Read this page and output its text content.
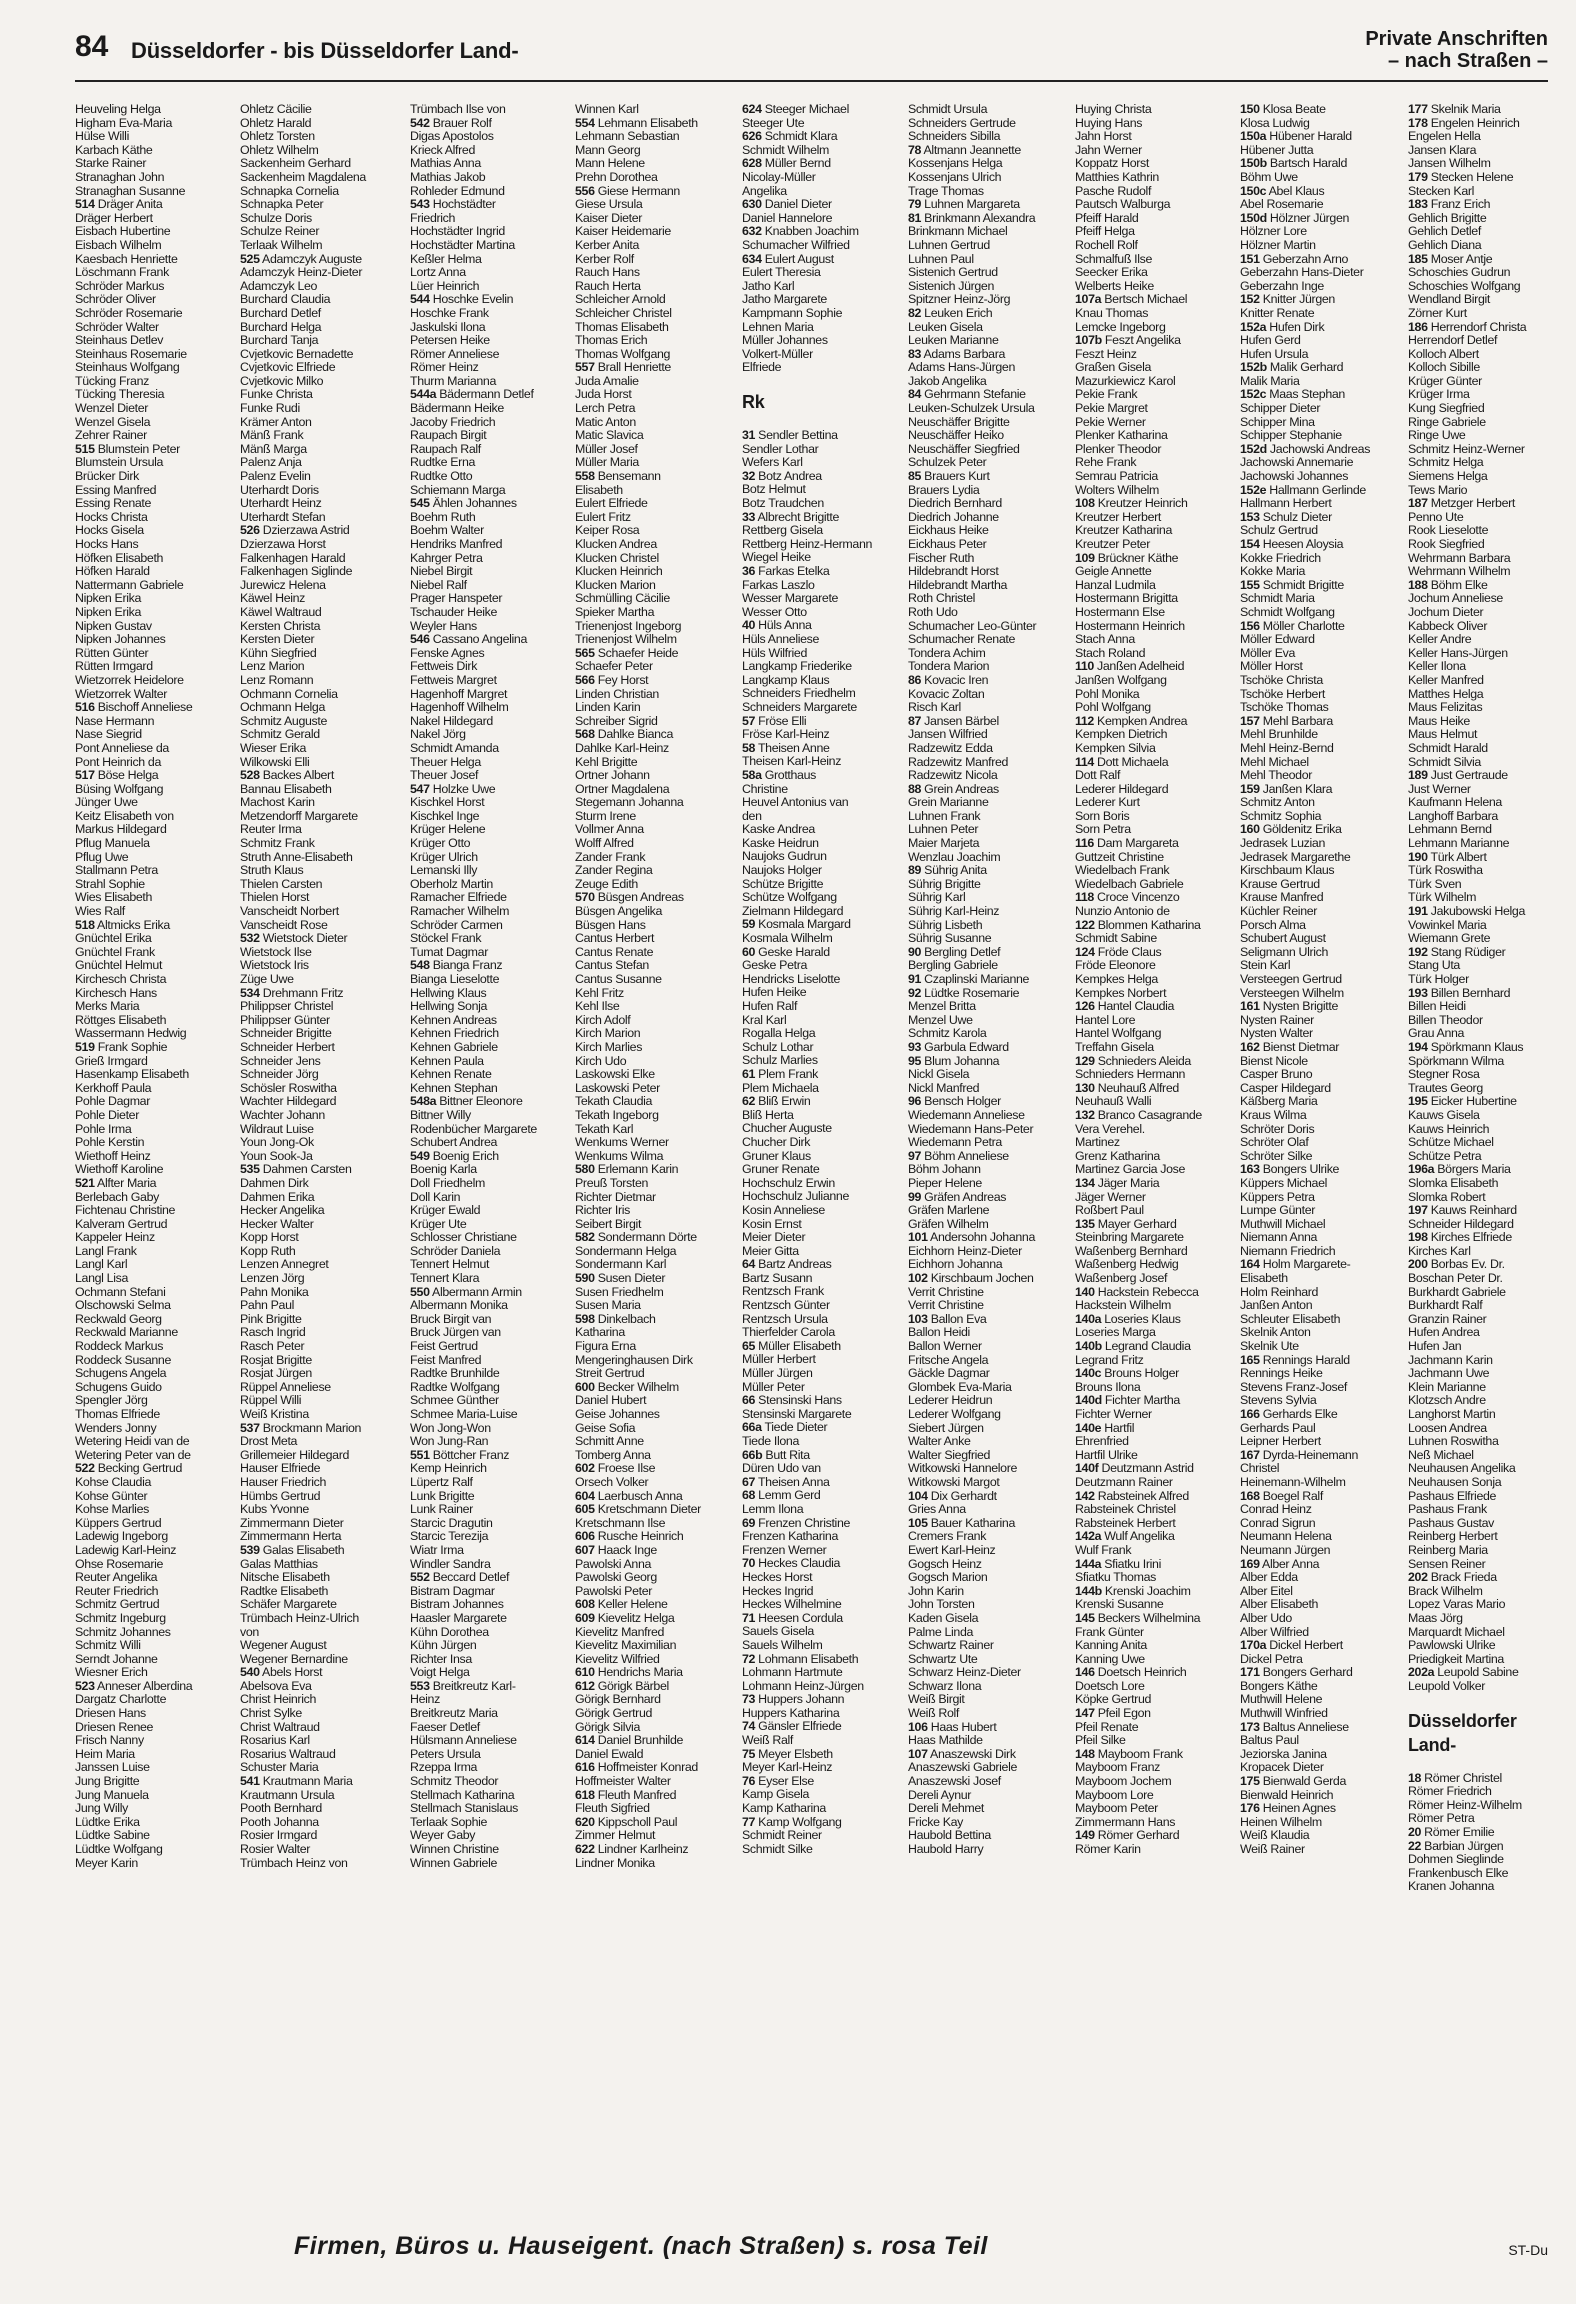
84 Düsseldorfer - bis Düsseldorfer Land-	Private Anschriften
– nach Straßen –
Heuveling Helga
Higham Eva-Maria
Hülse Willi
Karbach Käthe
Starke Rainer
Stranaghan John
Stranaghan Susanne
514 Dräger Anita
Dräger Herbert
Eisbach Hubertine
Eisbach Wilhelm
Kaesbach Henriette
Löschmann Frank
Schröder Markus
Schröder Oliver
Schröder Rosemarie
Schröder Walter
Steinhaus Detlev
Steinhaus Rosemarie
Steinhaus Wolfgang
Tücking Franz
Tücking Theresia
Wenzel Dieter
Wenzel Gisela
Zehrer Rainer
515 Blumstein Peter
Blumstein Ursula
Brücker Dirk
Essing Manfred
Essing Renate
Hocks Christa
Hocks Gisela
Hocks Hans
Höfken Elisabeth
Höfken Harald
Nattermann Gabriele
Nipken Erika
Nipken Erika
Nipken Gustav
Nipken Johannes
Rütten Günter
Rütten Irmgard
Wietzorrek Heidelore
Wietzorrek Walter
516 Bischoff Anneliese
Nase Hermann
Nase Siegrid
Pont Anneliese da
Pont Heinrich da
517 Böse Helga
Büsing Wolfgang
Jünger Uwe
Keitz Elisabeth von
Markus Hildegard
Pflug Manuela
Pflug Uwe
Stallmann Petra
Strahl Sophie
Wies Elisabeth
Wies Ralf
518 Altmicks Erika
Gnüchtel Erika
Gnüchtel Frank
Gnüchtel Helmut
Kirchesch Christa
Kirchesch Hans
Merks Maria
Röttges Elisabeth
Wassermann Hedwig
519 Frank Sophie
Grieß Irmgard
Hasenkamp Elisabeth
Kerkhoff Paula
Pohle Dagmar
Pohle Dieter
Pohle Irma
Pohle Kerstin
Wiethoff Heinz
Wiethoff Karoline
521 Alfter Maria
Berlebach Gaby
Fichtenau Christine
Kalveram Gertrud
Kappeler Heinz
Langl Frank
Langl Karl
Langl Lisa
Ochmann Stefani
Olschowski Selma
Reckwald Georg
Reckwald Marianne
Roddeck Markus
Roddeck Susanne
Schugens Angela
Schugens Guido
Spengler Jörg
Thomas Elfriede
Wenders Jonny
Wetering Heidi van de
Wetering Peter van de
522 Becking Gertrud
Kohse Claudia
Kohse Günter
Kohse Marlies
Küppers Gertrud
Ladewig Ingeborg
Ladewig Karl-Heinz
Ohse Rosemarie
Reuter Angelika
Reuter Friedrich
Schmitz Gertrud
Schmitz Ingeburg
Schmitz Johannes
Schmitz Willi
Serndt Johanne
Wiesner Erich
523 Anneser Alberdina
Dargatz Charlotte
Driesen Hans
Driesen Renee
Frisch Nanny
Heim Maria
Janssen Luise
Jung Brigitte
Jung Manuela
Jung Willy
Lüdtke Erika
Lüdtke Sabine
Lüdtke Wolfgang
Meyer Karin
Ohletz Cäcilie
Ohletz Harald
Ohletz Torsten
Ohletz Wilhelm
Sackenheim Gerhard
Sackenheim Magdalena
Schnapka Cornelia
Schnapka Peter
Schulze Doris
Schulze Reiner
Terlaak Wilhelm
525 Adamczyk Auguste
Adamczyk Heinz-Dieter
Adamczyk Leo
Burchard Claudia
Burchard Detlef
Burchard Helga
Burchard Tanja
Cvjetkovic Bernadette
Cvjetkovic Elfriede
Cvjetkovic Milko
Funke Christa
Funke Rudi
Krämer Anton
Mänß Frank
Mänß Marga
Palenz Anja
Palenz Evelin
Uterhardt Doris
Uterhardt Heinz
Uterhardt Stefan
526 Dzierzawa Astrid
Dzierzawa Horst
Falkenhagen Harald
Falkenhagen Siglinde
Jurewicz Helena
Käwel Heinz
Käwel Waltraud
Kersten Christa
Kersten Dieter
Kühn Siegfried
Lenz Marion
Lenz Romann
Ochmann Cornelia
Ochmann Helga
Schmitz Auguste
Schmitz Gerald
Wieser Erika
Wilkowski Elli
528 Backes Albert
Bannau Elisabeth
Machost Karin
Metzendorff Margarete
Reuter Irma
Schmitz Frank
Struth Anne-Elisabeth
Struth Klaus
Thielen Carsten
Thielen Horst
Vanscheidt Norbert
Vanscheidt Rose
532 Wietstock Dieter
Wietstock Ilse
Wietstock Iris
Züge Uwe
534 Drehmann Fritz
Philippser Christel
Philippser Günter
Schneider Brigitte
Schneider Herbert
Schneider Jens
Schneider Jörg
Schösler Roswitha
Wachter Hildegard
Wachter Johann
Wildraut Luise
Youn Jong-Ok
Youn Sook-Ja
535 Dahmen Carsten
Dahmen Dirk
Dahmen Erika
Hecker Angelika
Hecker Walter
Kopp Horst
Kopp Ruth
Lenzen Annegret
Lenzen Jörg
Pahn Monika
Pahn Paul
Pink Brigitte
Rasch Ingrid
Rasch Peter
Rosjat Brigitte
Rosjat Jürgen
Rüppel Anneliese
Rüppel Willi
Weiß Kristina
537 Brockmann Marion
Drost Meta
Grillemeier Hildegard
Hauser Elfriede
Hauser Friedrich
Hümbs Gertrud
Kubs Yvonne
Zimmermann Dieter
Zimmermann Herta
539 Galas Elisabeth
Galas Matthias
Nitsche Elisabeth
Radtke Elisabeth
Schäfer Margarete
Trümbach Heinz-Ulrich
von
Wegener August
Wegener Bernardine
540 Abels Horst
Abelsova Eva
Christ Heinrich
Christ Sylke
Christ Waltraud
Rosarius Karl
Rosarius Waltraud
Schuster Maria
541 Krautmann Maria
Krautmann Ursula
Pooth Bernhard
Pooth Johanna
Rosier Irmgard
Rosier Walter
Trümbach Heinz von
Trümbach Ilse von
542 Brauer Rolf
Digas Apostolos
Krieck Alfred
Mathias Anna
Mathias Jakob
Rohleder Edmund
543 Hochstädter
Friedrich
Hochstädter Ingrid
Hochstädter Martina
Keßler Helma
Lortz Anna
Lüer Heinrich
544 Hoschke Evelin
Hoschke Frank
Jaskulski Ilona
Petersen Heike
Römer Anneliese
Römer Heinz
Thurm Marianna
544a Bädermann Detlef
Bädermann Heike
Jacoby Friedrich
Raupach Birgit
Raupach Ralf
Rudtke Erna
Rudtke Otto
Schiemann Marga
545 Ählen Johannes
Boehm Ruth
Boehm Walter
Hendriks Manfred
Kahrger Petra
Niebel Birgit
Niebel Ralf
Prager Hanspeter
Tschauder Heike
Weyler Hans
546 Cassano Angelina
Fenske Agnes
Fettweis Dirk
Fettweis Margret
Hagenhoff Margret
Hagenhoff Wilhelm
Nakel Hildegard
Nakel Jörg
Schmidt Amanda
Theuer Helga
Theuer Josef
547 Holzke Uwe
Kischkel Horst
Kischkel Inge
Krüger Helene
Krüger Otto
Krüger Ulrich
Lemanski Illy
Oberholz Martin
Ramacher Elfriede
Ramacher Wilhelm
Schröder Carmen
Stöckel Frank
Tumat Dagmar
548 Bianga Franz
Bianga Lieselotte
Hellwing Klaus
Hellwing Sonja
Kehnen Andreas
Kehnen Friedrich
Kehnen Gabriele
Kehnen Paula
Kehnen Renate
Kehnen Stephan
548a Bittner Eleonore
Bittner Willy
Rodenbücher Margarete
Schubert Andrea
549 Boenig Erich
Boenig Karla
Doll Friedhelm
Doll Karin
Krüger Ewald
Krüger Ute
Schlosser Christiane
Schröder Daniela
Tennert Helmut
Tennert Klara
550 Albermann Armin
Albermann Monika
Bruck Birgit van
Bruck Jürgen van
Feist Gertrud
Feist Manfred
Radtke Brunhilde
Radtke Wolfgang
Schmee Günther
Schmee Maria-Luise
Won Jong-Won
Won Jung-Ran
551 Böttcher Franz
Kemp Heinrich
Lüpertz Ralf
Lunk Brigitte
Lunk Rainer
Starcic Dragutin
Starcic Terezija
Wiatr Irma
Windler Sandra
552 Beccard Detlef
Bistram Dagmar
Bistram Johannes
Haasler Margarete
Kühn Dorothea
Kühn Jürgen
Richter Insa
Voigt Helga
553 Breitkreutz Karl-
Heinz
Breitkreutz Maria
Faeser Detlef
Hülsmann Anneliese
Peters Ursula
Rzeppa Irma
Schmitz Theodor
Stellmach Katharina
Stellmach Stanislaus
Terlaak Sophie
Weyer Gaby
Winnen Christine
Winnen Gabriele
Winnen Karl
554 Lehmann Elisabeth
Lehmann Sebastian
Mann Georg
Mann Helene
Prehn Dorothea
556 Giese Hermann
Giese Ursula
Kaiser Dieter
Kaiser Heidemarie
Kerber Anita
Kerber Rolf
Rauch Hans
Rauch Herta
Schleicher Arnold
Schleicher Christel
Thomas Elisabeth
Thomas Erich
Thomas Wolfgang
557 Brall Henriette
Juda Amalie
Juda Horst
Lerch Petra
Matic Anton
Matic Slavica
Müller Josef
Müller Maria
558 Bensemann
Elisabeth
Eulert Elfriede
Eulert Fritz
Keiper Rosa
Klucken Andrea
Klucken Christel
Klucken Heinrich
Klucken Marion
Schmülling Cäcilie
Spieker Martha
Trienenjost Ingeborg
Trienenjost Wilhelm
565 Schaefer Heide
Schaefer Peter
566 Fey Horst
Linden Christian
Linden Karin
Schreiber Sigrid
568 Dahlke Bianca
Dahlke Karl-Heinz
Kehl Brigitte
Ortner Johann
Ortner Magdalena
Stegemann Johanna
Sturm Irene
Vollmer Anna
Wolff Alfred
Zander Frank
Zander Regina
Zeuge Edith
570 Büsgen Andreas
Büsgen Angelika
Büsgen Hans
Cantus Herbert
Cantus Renate
Cantus Stefan
Cantus Susanne
Kehl Fritz
Kehl Ilse
Kirch Adolf
Kirch Marion
Kirch Marlies
Kirch Udo
Laskowski Elke
Laskowski Peter
Tekath Claudia
Tekath Ingeborg
Tekath Karl
Wenkums Werner
Wenkums Wilma
580 Erlemann Karin
Preuß Torsten
Richter Dietmar
Richter Iris
Seibert Birgit
582 Sondermann Dörte
Sondermann Helga
Sondermann Karl
590 Susen Dieter
Susen Friedhelm
Susen Maria
598 Dinkelbach
Katharina
Figura Erna
Mengeringhausen Dirk
Streit Gertrud
600 Becker Wilhelm
Daniel Hubert
Geise Johannes
Geise Sofia
Schmitt Anne
Tomberg Anna
602 Froese Ilse
Orsech Volker
604 Laerbusch Anna
605 Kretschmann Dieter
Kretschmann Ilse
606 Rusche Heinrich
607 Haack Inge
Pawolski Anna
Pawolski Georg
Pawolski Peter
608 Keller Helene
609 Kievelitz Helga
Kievelitz Manfred
Kievelitz Maximilian
Kievelitz Wilfried
610 Hendrichs Maria
612 Görigk Bärbel
Görigk Bernhard
Görigk Gertrud
Görigk Silvia
614 Daniel Brunhilde
Daniel Ewald
616 Hoffmeister Konrad
Hoffmeister Walter
618 Fleuth Manfred
Fleuth Sigfried
620 Kippscholl Paul
Zimmer Helmut
622 Lindner Karlheinz
Lindner Monika
624 Steeger Michael
Steeger Ute
626 Schmidt Klara
Schmidt Wilhelm
628 Müller Bernd
Nicolay-Müller
Angelika
630 Daniel Dieter
Daniel Hannelore
632 Knabben Joachim
Schumacher Wilfried
634 Eulert August
Eulert Theresia
Jatho Karl
Jatho Margarete
Kampmann Sophie
Lehnen Maria
Müller Johannes
Volkert-Müller
Elfriede
Rk
31 Sendler Bettina
Sendler Lothar
Wefers Karl
32 Botz Andrea
Botz Helmut
Botz Traudchen
33 Albrecht Brigitte
Rettberg Gisela
Rettberg Heinz-Hermann
Wiegel Heike
36 Farkas Etelka
Farkas Laszlo
Wesser Margarete
Wesser Otto
40 Hüls Anna
Hüls Anneliese
Hüls Wilfried
Langkamp Friederike
Langkamp Klaus
Schneiders Friedhelm
Schneiders Margarete
57 Fröse Elli
Fröse Karl-Heinz
58 Theisen Anne
Theisen Karl-Heinz
58a Grotthaus
Christine
Heuvel Antonius van
den
Kaske Andrea
Kaske Heidrun
Naujoks Gudrun
Naujoks Holger
Schütze Brigitte
Schütze Wolfgang
Zielmann Hildegard
59 Kosmala Margard
Kosmala Wilhelm
60 Geske Harald
Geske Petra
Hendricks Liselotte
Hufen Heike
Hufen Ralf
Kral Karl
Rogalla Helga
Schulz Lothar
Schulz Marlies
61 Plem Frank
Plem Michaela
62 Bliß Erwin
Bliß Herta
Chucher Auguste
Chucher Dirk
Gruner Klaus
Gruner Renate
Hochschulz Erwin
Hochschulz Julianne
Kosin Anneliese
Kosin Ernst
Meier Dieter
Meier Gitta
64 Bartz Andreas
Bartz Susann
Rentzsch Frank
Rentzsch Günter
Rentzsch Ursula
Thierfelder Carola
65 Müller Elisabeth
Müller Herbert
Müller Jürgen
Müller Peter
66 Stensinski Hans
Stensinski Margarete
66a Tiede Dieter
Tiede Ilona
66b Butt Rita
Düren Udo van
67 Theisen Anna
68 Lemm Gerd
Lemm Ilona
69 Frenzen Christine
Frenzen Katharina
Frenzen Werner
70 Heckes Claudia
Heckes Horst
Heckes Ingrid
Heckes Wilhelmine
71 Heesen Cordula
Sauels Gisela
Sauels Wilhelm
72 Lohmann Elisabeth
Lohmann Hartmute
Lohmann Heinz-Jürgen
73 Huppers Johann
Huppers Katharina
74 Gänsler Elfriede
Weiß Ralf
75 Meyer Elsbeth
Meyer Karl-Heinz
76 Eyser Else
Kamp Gisela
Kamp Katharina
77 Kamp Wolfgang
Schmidt Reiner
Schmidt Silke
Schmidt Ursula
Schneiders Gertrude
Schneiders Sibilla
78 Altmann Jeannette
Kossenjans Helga
Kossenjans Ulrich
Trage Thomas
79 Luhnen Margareta
81 Brinkmann Alexandra
Brinkmann Michael
Luhnen Gertrud
Luhnen Paul
Sistenich Gertrud
Sistenich Jürgen
Spitzner Heinz-Jörg
82 Leuken Erich
Leuken Gisela
Leuken Marianne
83 Adams Barbara
Adams Hans-Jürgen
Jakob Angelika
84 Gehrmann Stefanie
Leuken-Schulzek Ursula
Neuschäffer Brigitte
Neuschäffer Heiko
Neuschäffer Siegfried
Schulzek Peter
85 Brauers Kurt
Brauers Lydia
Diedrich Bernhard
Diedrich Johanne
Eickhaus Heike
Eickhaus Peter
Fischer Ruth
Hildebrandt Horst
Hildebrandt Martha
Roth Christel
Roth Udo
Schumacher Leo-Günter
Schumacher Renate
Tondera Achim
Tondera Marion
86 Kovacic Iren
Kovacic Zoltan
Risch Karl
87 Jansen Bärbel
Jansen Wilfried
Radzewitz Edda
Radzewitz Manfred
Radzewitz Nicola
88 Grein Andreas
Grein Marianne
Luhnen Frank
Luhnen Peter
Maier Marjeta
Wenzlau Joachim
89 Sührig Anita
Sührig Brigitte
Sührig Karl
Sührig Karl-Heinz
Sührig Lisbeth
Sührig Susanne
90 Bergling Detlef
Bergling Gabriele
91 Czaplinski Marianne
92 Lüdtke Rosemarie
Menzel Britta
Menzel Uwe
Schmitz Karola
93 Garbula Edward
95 Blum Johanna
Nickl Gisela
Nickl Manfred
96 Bensch Holger
Wiedemann Anneliese
Wiedemann Hans-Peter
Wiedemann Petra
97 Böhm Anneliese
Böhm Johann
Pieper Helene
99 Gräfen Andreas
Gräfen Marlene
Gräfen Wilhelm
101 Andersohn Johanna
Eichhorn Heinz-Dieter
Eichhorn Johanna
102 Kirschbaum Jochen
Verrit Christine
Verrit Christine
103 Ballon Eva
Ballon Heidi
Ballon Werner
Fritsche Angela
Gäckle Dagmar
Glombek Eva-Maria
Lederer Heidrun
Lederer Wolfgang
Siebert Jürgen
Walter Anke
Walter Siegfried
Witkowski Hannelore
Witkowski Margot
104 Dix Gerhardt
Gries Anna
105 Bauer Katharina
Cremers Frank
Ewert Karl-Heinz
Gogsch Heinz
Gogsch Marion
John Karin
John Torsten
Kaden Gisela
Palme Linda
Schwartz Rainer
Schwartz Ute
Schwarz Heinz-Dieter
Schwarz Ilona
Weiß Birgit
Weiß Rolf
106 Haas Hubert
Haas Mathilde
107 Anaszewski Dirk
Anaszewski Gabriele
Anaszewski Josef
Dereli Aynur
Dereli Mehmet
Fricke Kay
Haubold Bettina
Haubold Harry
Huying Christa
Huying Hans
Jahn Horst
Jahn Werner
Koppatz Horst
Matthies Kathrin
Pasche Rudolf
Pautsch Walburga
Pfeiff Harald
Pfeiff Helga
Rochell Rolf
Schmalfuß Ilse
Seecker Erika
Welberts Heike
107a Bertsch Michael
Knau Thomas
Lemcke Ingeborg
107b Feszt Angelika
Feszt Heinz
Graßen Gisela
Mazurkiewicz Karol
Pekie Frank
Pekie Margret
Pekie Werner
Plenker Katharina
Plenker Theodor
Rehe Frank
Semrau Patricia
Wolters Wilhelm
108 Kreutzer Heinrich
Kreutzer Herbert
Kreutzer Katharina
Kreutzer Peter
109 Brückner Käthe
Geigle Annette
Hanzal Ludmila
Hostermann Brigitta
Hostermann Else
Hostermann Heinrich
Stach Anna
Stach Roland
110 Janßen Adelheid
Janßen Wolfgang
Pohl Monika
Pohl Wolfgang
112 Kempken Andrea
Kempken Dietrich
Kempken Silvia
114 Dott Michaela
Dott Ralf
Lederer Hildegard
Lederer Kurt
Sorn Boris
Sorn Petra
116 Dam Margareta
Guttzeit Christine
Wiedelbach Frank
Wiedelbach Gabriele
118 Croce Vincenzo
Nunzio Antonio de
122 Blommen Katharina
Schmidt Sabine
124 Fröde Claus
Fröde Eleonore
Kempkes Helga
Kempkes Norbert
126 Hantel Claudia
Hantel Lore
Hantel Wolfgang
Treffahn Gisela
129 Schnieders Aleida
Schnieders Hermann
130 Neuhauß Alfred
Neuhauß Walli
132 Branco Casagrande
Vera Verehel.
Martinez
Grenz Katharina
Martinez Garcia Jose
134 Jäger Maria
Jäger Werner
Roßbert Paul
135 Mayer Gerhard
Steinbring Margarete
Waßenberg Bernhard
Waßenberg Hedwig
Waßenberg Josef
140 Hackstein Rebecca
Hackstein Wilhelm
140a Loseries Klaus
Loseries Marga
140b Legrand Claudia
Legrand Fritz
140c Brouns Holger
Brouns Ilona
140d Fichter Martha
Fichter Werner
140e Hartfil
Ehrenfried
Hartfil Ulrike
140f Deutzmann Astrid
Deutzmann Rainer
142 Rabsteinek Alfred
Rabsteinek Christel
Rabsteinek Herbert
142a Wulf Angelika
Wulf Frank
144a Sfiatku Irini
Sfiatku Thomas
144b Krenski Joachim
Krenski Susanne
145 Beckers Wilhelmina
Frank Günter
Kanning Anita
Kanning Uwe
146 Doetsch Heinrich
Doetsch Lore
Köpke Gertrud
147 Pfeil Egon
Pfeil Renate
Pfeil Silke
148 Mayboom Frank
Mayboom Franz
Mayboom Jochem
Mayboom Lore
Mayboom Peter
Zimmermann Hans
149 Römer Gerhard
Römer Karin
150 Klosa Beate
Klosa Ludwig
150a Hübener Harald
Hübener Jutta
150b Bartsch Harald
Böhm Uwe
150c Abel Klaus
Abel Rosemarie
150d Hölzner Jürgen
Hölzner Lore
Hölzner Martin
151 Geberzahn Arno
Geberzahn Hans-Dieter
Geberzahn Inge
152 Knitter Jürgen
Knitter Renate
152a Hufen Dirk
Hufen Gerd
Hufen Ursula
152b Malik Gerhard
Malik Maria
152c Maas Stephan
Schipper Dieter
Schipper Mina
Schipper Stephanie
152d Jachowski Andreas
Jachowski Annemarie
Jachowski Johannes
152e Hallmann Gerlinde
Hallmann Herbert
153 Schulz Dieter
Schulz Gertrud
154 Heesen Aloysia
Kokke Friedrich
Kokke Maria
155 Schmidt Brigitte
Schmidt Maria
Schmidt Wolfgang
156 Möller Charlotte
Möller Edward
Möller Eva
Möller Horst
Tschöke Christa
Tschöke Herbert
Tschöke Thomas
157 Mehl Barbara
Mehl Brunhilde
Mehl Heinz-Bernd
Mehl Michael
Mehl Theodor
159 Janßen Klara
Schmitz Anton
Schmitz Sophia
160 Göldenitz Erika
Jedrasek Luzian
Jedrasek Margarethe
Kirschbaum Klaus
Krause Gertrud
Krause Manfred
Küchler Reiner
Porsch Alma
Schubert August
Seligmann Ulrich
Stein Karl
Versteegen Gertrud
Versteegen Wilhelm
161 Nysten Brigitte
Nysten Rainer
Nysten Walter
162 Bienst Dietmar
Bienst Nicole
Casper Bruno
Casper Hildegard
Käßberg Maria
Kraus Wilma
Schröter Doris
Schröter Olaf
Schröter Silke
163 Bongers Ulrike
Küppers Michael
Küppers Petra
Lumpe Günter
Muthwill Michael
Niemann Anna
Niemann Friedrich
164 Holm Margarete-
Elisabeth
Holm Reinhard
Janßen Anton
Schleuter Elisabeth
Skelnik Anton
Skelnik Ute
165 Rennings Harald
Rennings Heike
Stevens Franz-Josef
Stevens Sylvia
166 Gerhards Elke
Gerhards Paul
Leipner Herbert
167 Dyrda-Heinemann
Christel
Heinemann-Wilhelm
168 Boegel Ralf
Conrad Heinz
Conrad Sigrun
Neumann Helena
Neumann Jürgen
169 Alber Anna
Alber Edda
Alber Eitel
Alber Elisabeth
Alber Udo
Alber Wilfried
170a Dickel Herbert
Dickel Petra
171 Bongers Gerhard
Bongers Käthe
Muthwill Helene
Muthwill Winfried
173 Baltus Anneliese
Baltus Paul
Jeziorska Janina
Kropacek Dieter
175 Bienwald Gerda
Bienwald Heinrich
176 Heinen Agnes
Heinen Wilhelm
Weiß Klaudia
Weiß Rainer
177 Skelnik Maria
178 Engelen Heinrich
Engelen Hella
Jansen Klara
Jansen Wilhelm
179 Stecken Helene
Stecken Karl
183 Franz Erich
Gehlich Brigitte
Gehlich Detlef
Gehlich Diana
185 Moser Antje
Schoschies Gudrun
Schoschies Wolfgang
Wendland Birgit
Zörner Kurt
186 Herrendorf Christa
Herrendorf Detlef
Kolloch Albert
Kolloch Sibille
Krüger Günter
Krüger Irma
Kung Siegfried
Ringe Gabriele
Ringe Uwe
Schmitz Heinz-Werner
Schmitz Helga
Siemens Helga
Tews Mario
187 Metzger Herbert
Penno Ute
Rook Lieselotte
Rook Siegfried
Wehrmann Barbara
Wehrmann Wilhelm
188 Böhm Elke
Jochum Anneliese
Jochum Dieter
Kabbeck Oliver
Keller Andre
Keller Hans-Jürgen
Keller Ilona
Keller Manfred
Matthes Helga
Maus Felizitas
Maus Heike
Maus Helmut
Schmidt Harald
Schmidt Silvia
189 Just Gertraude
Just Werner
Kaufmann Helena
Langhoff Barbara
Lehmann Bernd
Lehmann Marianne
190 Türk Albert
Türk Roswitha
Türk Sven
Türk Wilhelm
191 Jakubowski Helga
Vowinkel Maria
Wiemann Grete
192 Stang Rüdiger
Stang Uta
Türk Holger
193 Billen Bernhard
Billen Heidi
Billen Theodor
Grau Anna
194 Spörkmann Klaus
Spörkmann Wilma
Stegner Rosa
Trautes Georg
195 Eicker Hubertine
Kauws Gisela
Kauws Heinrich
Schütze Michael
Schütze Petra
196a Börgers Maria
Slomka Elisabeth
Slomka Robert
197 Kauws Reinhard
Schneider Hildegard
198 Kirches Elfriede
Kirches Karl
200 Borbas Ev. Dr.
Boschan Peter Dr.
Burkhardt Gabriele
Burkhardt Ralf
Granzin Rainer
Hufen Andrea
Hufen Jan
Jachmann Karin
Jachmann Uwe
Klein Marianne
Klotzsch Andre
Langhorst Martin
Loosen Andrea
Luhnen Roswitha
Neß Michael
Neuhausen Angelika
Neuhausen Sonja
Pashaus Elfriede
Pashaus Frank
Pashaus Gustav
Reinberg Herbert
Reinberg Maria
Sensen Reiner
202 Brack Frieda
Brack Wilhelm
Lopez Varas Mario
Maas Jörg
Marquardt Michael
Pawlowski Ulrike
Priedigkeit Martina
202a Leupold Sabine
Leupold Volker
Düsseldorfer
Land-
18 Römer Christel
Römer Friedrich
Römer Heinz-Wilhelm
Römer Petra
20 Römer Emilie
22 Barbian Jürgen
Dohmen Sieglinde
Frankenbusch Elke
Kranen Johanna
Firmen, Büros u. Hauseigent. (nach Straßen) s. rosa Teil	ST-Du
